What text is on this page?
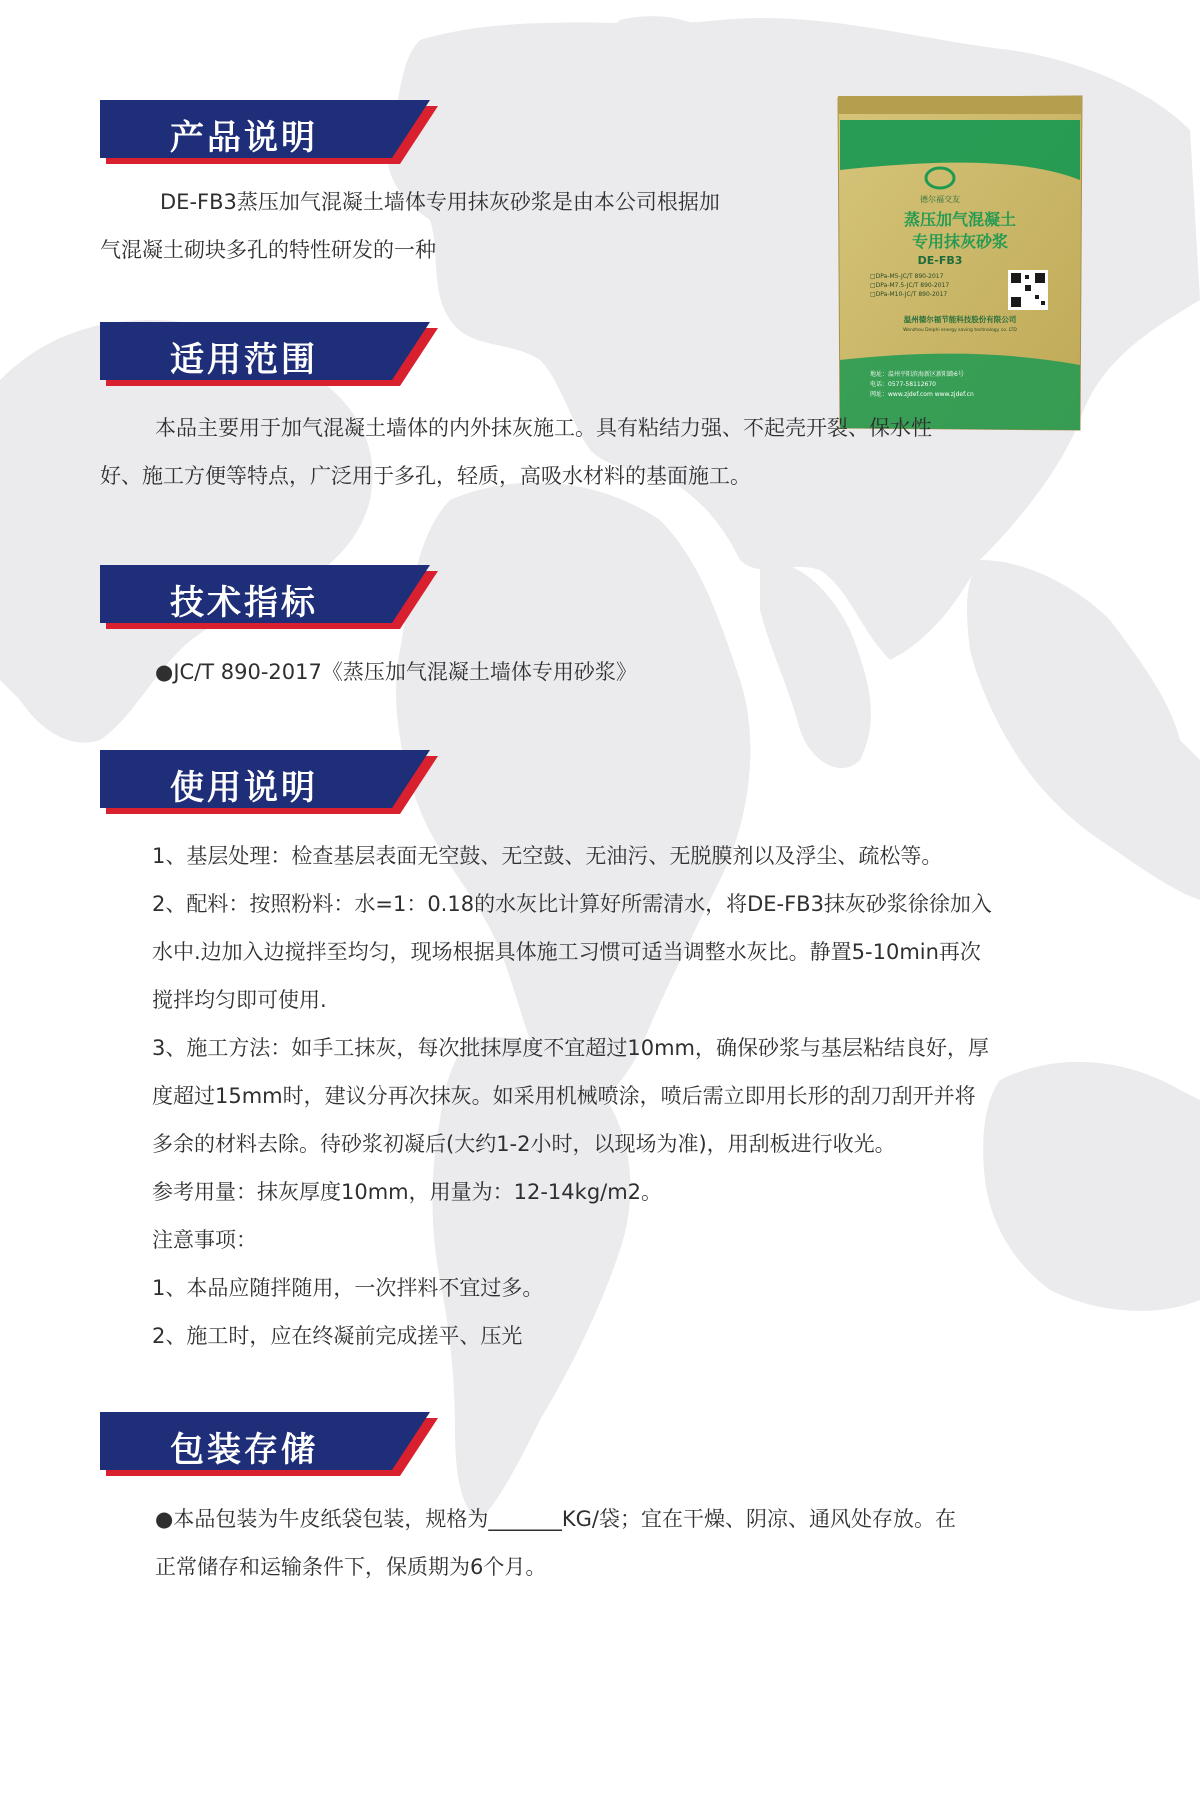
产品说明
DE-FB3蒸压加气混凝土墙体专用抹灰砂浆是由本公司根据加
气混凝土砌块多孔的特性研发的一种
德尔福交友
蒸压加气混凝土
专用抹灰砂浆
DE-FB3
□DPa-M5-JC/T 890-2017
□DPa-M7.5-JC/T 890-2017
□DPa-M10-JC/T 890-2017
温州德尔福节能科技股份有限公司
Wenzhou Delphi energy saving technology co. LTD
地址：温州平阳滨海新区新阳路6号
电话：0577-58112670
网址：www.zjdef.com www.zjdef.cn
适用范围
本品主要用于加气混凝土墙体的内外抹灰施工。具有粘结力强、不起壳开裂、保水性
好、施工方便等特点，广泛用于多孔，轻质，高吸水材料的基面施工。
技术指标
●JC/T 890-2017《蒸压加气混凝土墙体专用砂浆》
使用说明
1、基层处理：检查基层表面无空鼓、无空鼓、无油污、无脱膜剂以及浮尘、疏松等。
2、配料：按照粉料：水=1：0.18的水灰比计算好所需清水，将DE-FB3抹灰砂浆徐徐加入
水中.边加入边搅拌至均匀，现场根据具体施工习惯可适当调整水灰比。静置5-10min再次
搅拌均匀即可使用.
3、施工方法：如手工抹灰，每次批抹厚度不宜超过10mm，确保砂浆与基层粘结良好，厚
度超过15mm时，建议分再次抹灰。如采用机械喷涂，喷后需立即用长形的刮刀刮开并将
多余的材料去除。待砂浆初凝后(大约1-2小时，以现场为准)，用刮板进行收光。
参考用量：抹灰厚度10mm，用量为：12-14kg/m2。
注意事项：
1、本品应随拌随用，一次拌料不宜过多。
2、施工时，应在终凝前完成搓平、压光
包装存储
●本品包装为牛皮纸袋包装，规格为_______KG/袋；宜在干燥、阴凉、通风处存放。在
正常储存和运输条件下，保质期为6个月。
